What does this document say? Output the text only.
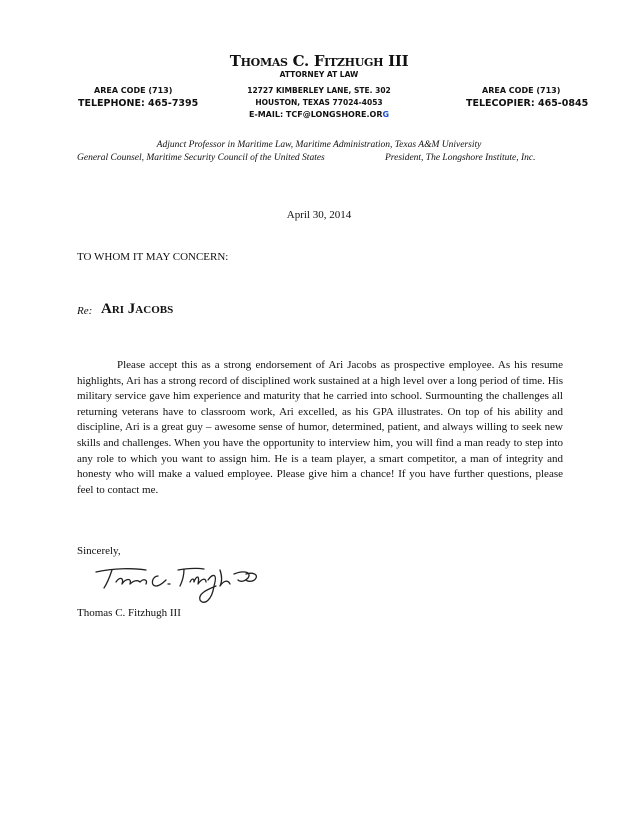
Thomas C. Fitzhugh III
ATTORNEY AT LAW
12727 KIMBERLEY LANE, STE. 302
HOUSTON, TEXAS 77024-4053
E-MAIL: TCF@LONGSHORE.ORG
AREA CODE (713)
TELEPHONE: 465-7395
AREA CODE (713)
TELECOPIER: 465-0845
Adjunct Professor in Maritime Law, Maritime Administration, Texas A&M University
General Counsel, Maritime Security Council of the United States	President, The Longshore Institute, Inc.
April 30, 2014
TO WHOM IT MAY CONCERN:
Re: Ari Jacobs
Please accept this as a strong endorsement of Ari Jacobs as prospective employee. As his resume highlights, Ari has a strong record of disciplined work sustained at a high level over a long period of time. His military service gave him experience and maturity that he carried into school. Surmounting the challenges all returning veterans have to classroom work, Ari excelled, as his GPA illustrates. On top of his ability and discipline, Ari is a great guy – awesome sense of humor, determined, patient, and always willing to seek new skills and challenges. When you have the opportunity to interview him, you will find a man ready to step into any role to which you want to assign him. He is a team player, a smart competitor, a man of integrity and honesty who will make a valued employee. Please give him a chance! If you have further questions, please feel to contact me.
Sincerely,
Thomas C. Fitzhugh III
